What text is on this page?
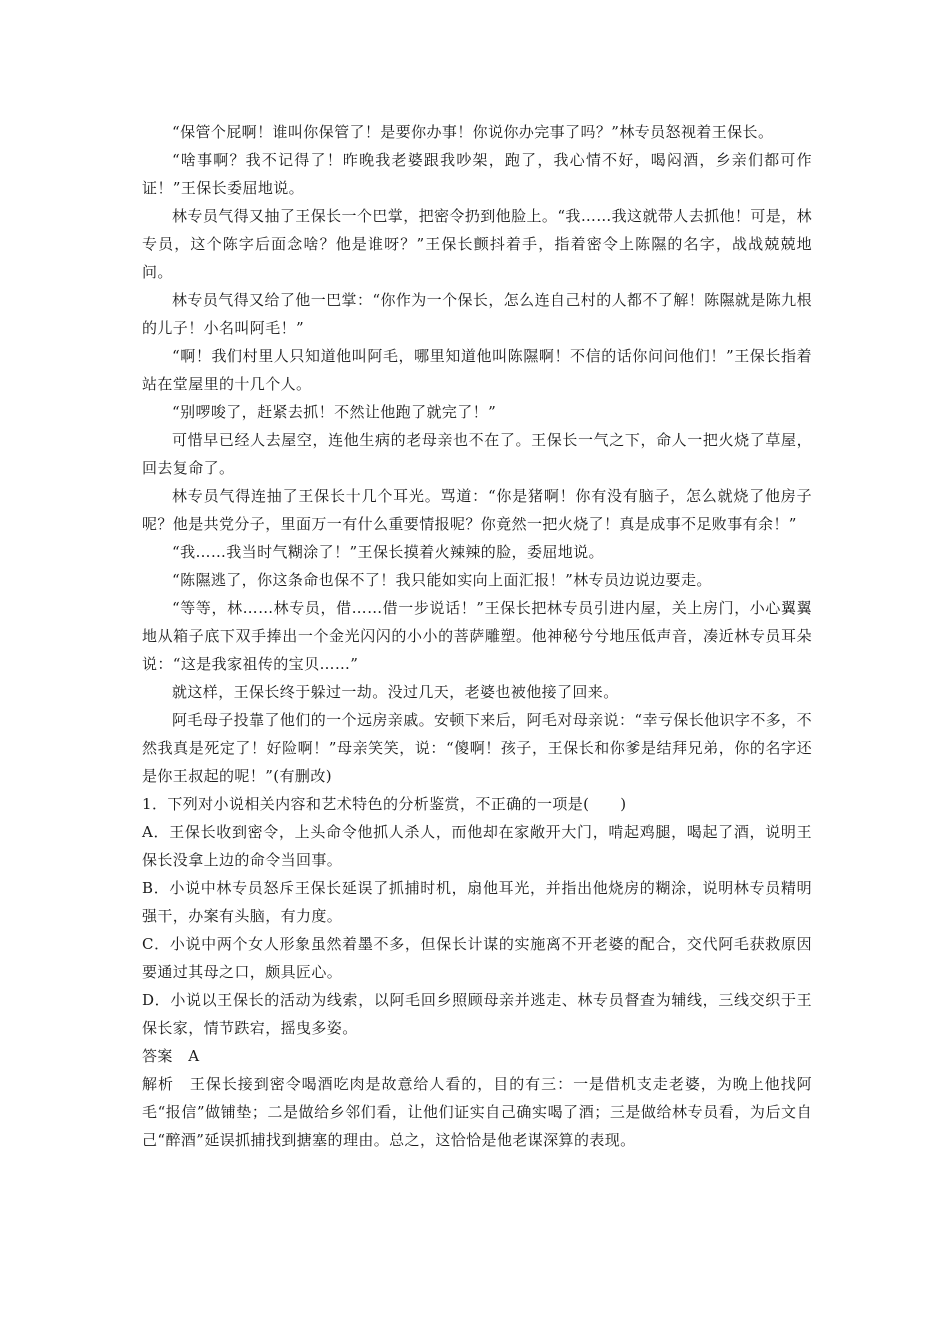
“保管个屁啊！谁叫你保管了！是要你办事！你说你办完事了吗？”林专员怒视着王保长。

“啥事啊？我不记得了！昨晚我老婆跟我吵架，跑了，我心情不好，喝闷酒，乡亲们都可作证！”王保长委屈地说。

林专员气得又抽了王保长一个巴掌，把密令扔到他脸上。“我……我这就带人去抓他！可是，林专员，这个陈字后面念啥？他是谁呀？”王保长颤抖着手，指着密令上陈隰的名字，战战兢兢地问。

林专员气得又给了他一巴掌：“你作为一个保长，怎么连自己村的人都不了解！陈隰就是陈九根的儿子！小名叫阿毛！”

“啊！我们村里人只知道他叫阿毛，哪里知道他叫陈隰啊！不信的话你问问他们！”王保长指着站在堂屋里的十几个人。

“别啰唆了，赶紧去抓！不然让他跑了就完了！”

可惜早已经人去屋空，连他生病的老母亲也不在了。王保长一气之下，命人一把火烧了草屋，回去复命了。

林专员气得连抽了王保长十几个耳光。骂道：“你是猪啊！你有没有脑子，怎么就烧了他房子呢？他是共党分子，里面万一有什么重要情报呢？你竟然一把火烧了！真是成事不足败事有余！”

“我……我当时气糊涂了！”王保长摸着火辣辣的脸，委屈地说。

“陈隰逃了，你这条命也保不了！我只能如实向上面汇报！”林专员边说边要走。

“等等，林……林专员，借……借一步说话！”王保长把林专员引进内屋，关上房门，小心翼翼地从箱子底下双手捧出一个金光闪闪的小小的菩萨雕塑。他神秘兮兮地压低声音，凑近林专员耳朵说：“这是我家祖传的宝贝……”

就这样，王保长终于躲过一劫。没过几天，老婆也被他接了回来。

阿毛母子投靠了他们的一个远房亲戚。安顿下来后，阿毛对母亲说：“幸亏保长他识字不多，不然我真是死定了！好险啊！”母亲笑笑，说：“傻啊！孩子，王保长和你爹是结拜兄弟，你的名字还是你王叔起的呢！”(有删改)

1．下列对小说相关内容和艺术特色的分析鉴赏，不正确的一项是(　　)

A．王保长收到密令，上头命令他抓人杀人，而他却在家敞开大门，啃起鸡腿，喝起了酒，说明王保长没拿上边的命令当回事。

B．小说中林专员怒斥王保长延误了抓捕时机，扇他耳光，并指出他烧房的糊涂，说明林专员精明强干，办案有头脑，有力度。

C．小说中两个女人形象虽然着墨不多，但保长计谋的实施离不开老婆的配合，交代阿毛获救原因要通过其母之口，颇具匠心。

D．小说以王保长的活动为线索，以阿毛回乡照顾母亲并逃走、林专员督查为辅线，三线交织于王保长家，情节跌宕，摇曳多姿。

答案　A

解析　王保长接到密令喝酒吃肉是故意给人看的，目的有三：一是借机支走老婆，为晚上他找阿毛“报信”做铺垫；二是做给乡邻们看，让他们证实自己确实喝了酒；三是做给林专员看，为后文自己“醉酒”延误抓捕找到搪塞的理由。总之，这恰恰是他老谋深算的表现。
